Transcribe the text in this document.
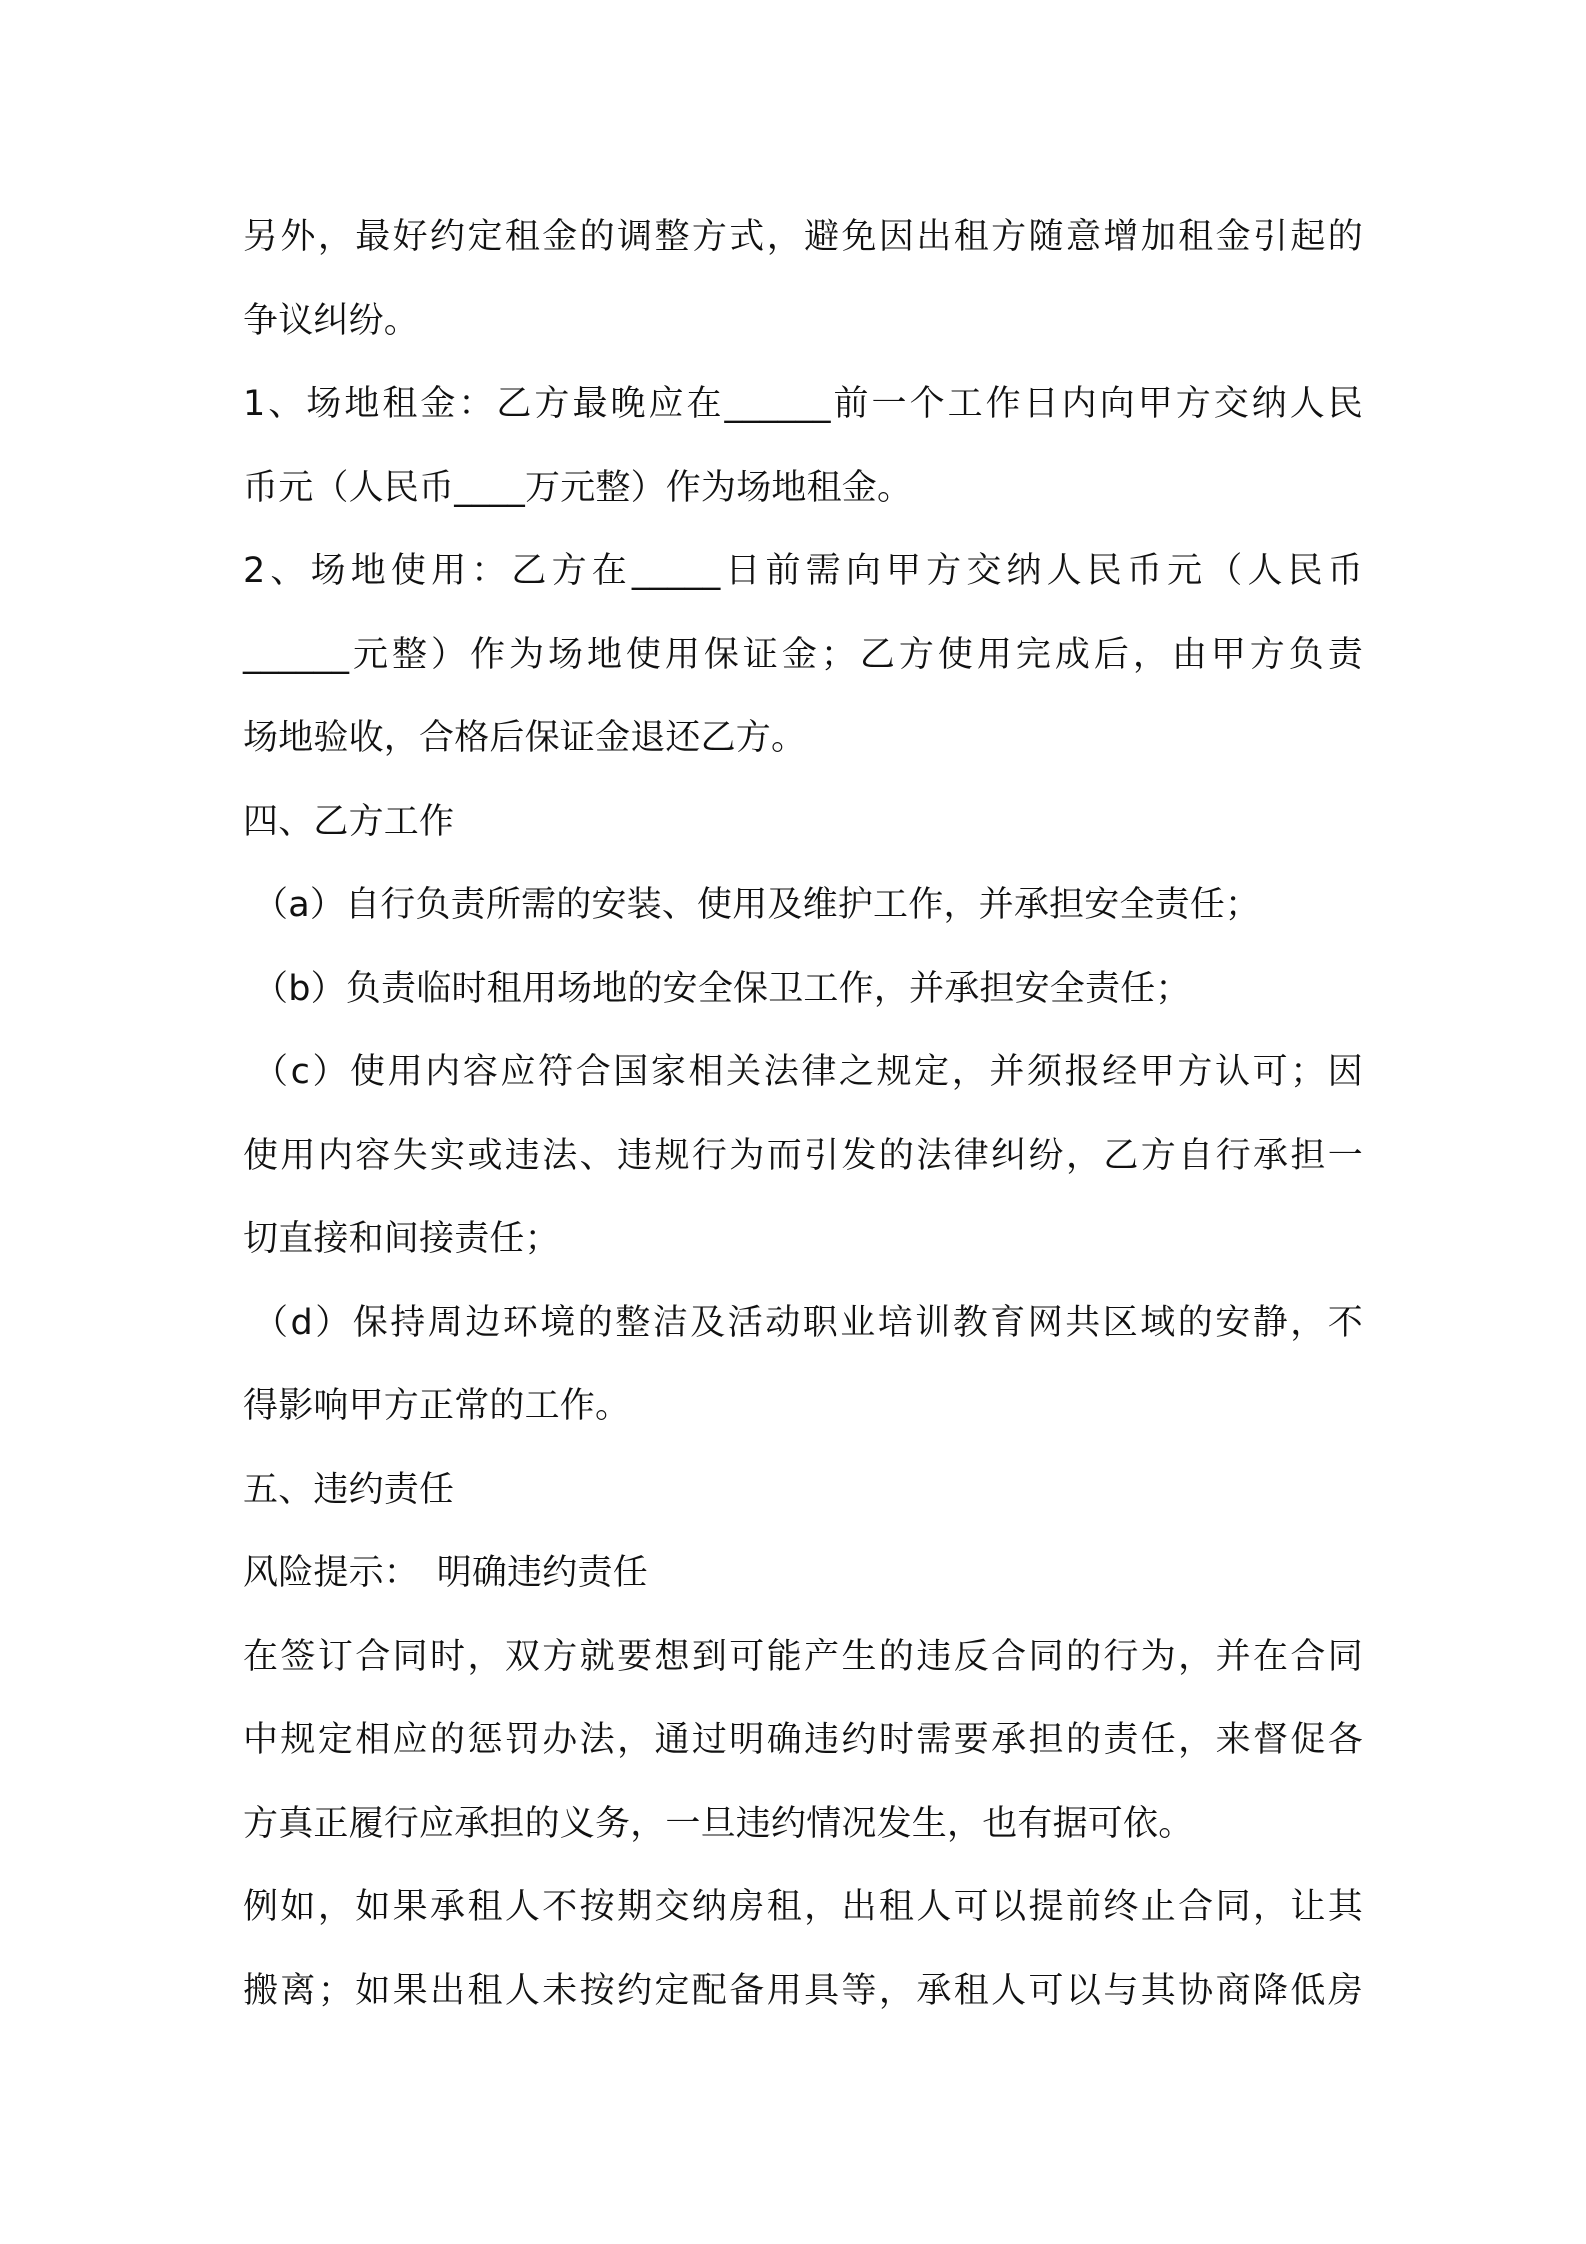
另外，最好约定租金的调整方式，避免因出租方随意增加租金引起的
争议纠纷。
1、场地租金：乙方最晚应在______前一个工作日内向甲方交纳人民
币元（人民币____万元整）作为场地租金。
2、场地使用：乙方在_____日前需向甲方交纳人民币元（人民币
______元整）作为场地使用保证金；乙方使用完成后，由甲方负责
场地验收，合格后保证金退还乙方。
四、乙方工作
（a）自行负责所需的安装、使用及维护工作，并承担安全责任；
（b）负责临时租用场地的安全保卫工作，并承担安全责任；
（c）使用内容应符合国家相关法律之规定，并须报经甲方认可；因
使用内容失实或违法、违规行为而引发的法律纠纷，乙方自行承担一
切直接和间接责任；
（d）保持周边环境的整洁及活动职业培训教育网共区域的安静，不
得影响甲方正常的工作。
五、违约责任
风险提示：　明确违约责任
在签订合同时，双方就要想到可能产生的违反合同的行为，并在合同
中规定相应的惩罚办法，通过明确违约时需要承担的责任，来督促各
方真正履行应承担的义务，一旦违约情况发生，也有据可依。
例如，如果承租人不按期交纳房租，出租人可以提前终止合同，让其
搬离；如果出租人未按约定配备用具等，承租人可以与其协商降低房
